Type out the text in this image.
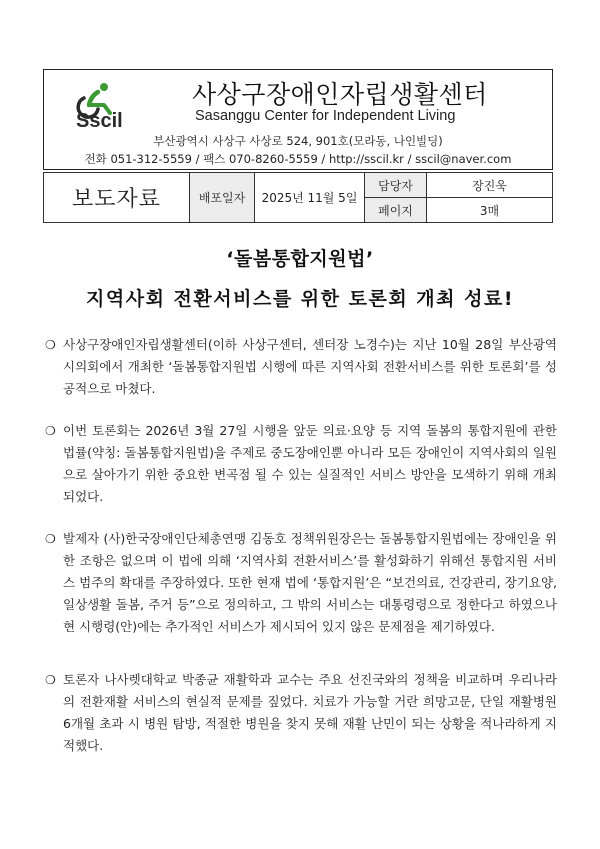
Sscil
사상구장애인자립생활센터
Sasanggu Center for Independent Living
부산광역시 사상구 사상로 524, 901호(모라동, 나인빌딩)
전화 051-312-5559 / 팩스 070-8260-5559 / http://sscil.kr / sscil@naver.com
보도자료	배포일자	2025년 11월 5일	담당자	장진욱
			페이지	3매
‘돌봄통합지원법’
지역사회 전환서비스를 위한 토론회 개최 성료!
❍ 사상구장애인자립생활센터(이하 사상구센터, 센터장 노경수)는 지난 10월 28일 부산광역시의회에서 개최한 ‘돌봄통합지원법 시행에 따른 지역사회 전환서비스를 위한 토론회’를 성공적으로 마쳤다.
❍ 이번 토론회는 2026년 3월 27일 시행을 앞둔 의료·요양 등 지역 돌봄의 통합지원에 관한 법률(약칭: 돌봄통합지원법)을 주제로 중도장애인뿐 아니라 모든 장애인이 지역사회의 일원으로 살아가기 위한 중요한 변곡점 될 수 있는 실질적인 서비스 방안을 모색하기 위해 개최되었다.
❍ 발제자 (사)한국장애인단체총연맹 김동호 정책위원장은는 돌봄통합지원법에는 장애인을 위한 조항은 없으며 이 법에 의해 ‘지역사회 전환서비스’를 활성화하기 위해선 통합지원 서비스 범주의 확대를 주장하였다. 또한 현재 법에 ‘통합지원’은 “보건의료, 건강관리, 장기요양, 일상생활 돌봄, 주거 등”으로 정의하고, 그 밖의 서비스는 대통령령으로 정한다고 하였으나 현 시행령(안)에는 추가적인 서비스가 제시되어 있지 않은 문제점을 제기하였다.
❍ 토론자 나사렛대학교 박종균 재활학과 교수는 주요 선진국와의 정책을 비교하며 우리나라의 전환재활 서비스의 현실적 문제를 짚었다. 치료가 가능할 거란 희망고문, 단일 재활병원 6개월 초과 시 병원 탐방, 적절한 병원을 찾지 못해 재활 난민이 되는 상황을 적나라하게 지적했다.
